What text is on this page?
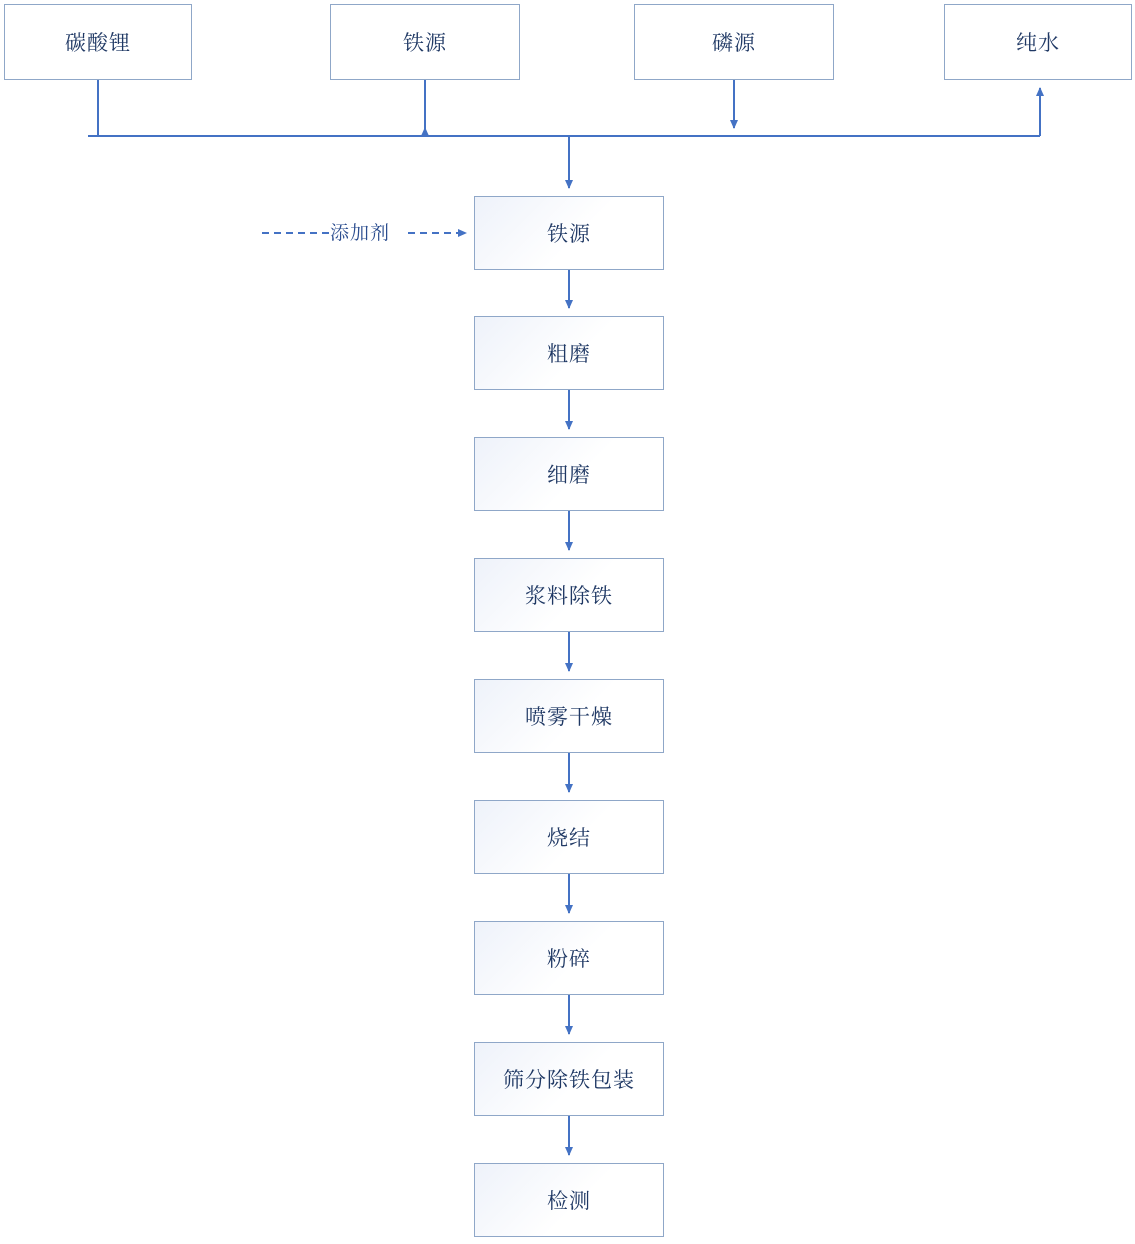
碳酸锂	铁源	磷源	纯水
添加剂	铁源
粗磨
细磨
浆料除铁
喷雾干燥
烧结
粉碎
筛分除铁包装
检测
